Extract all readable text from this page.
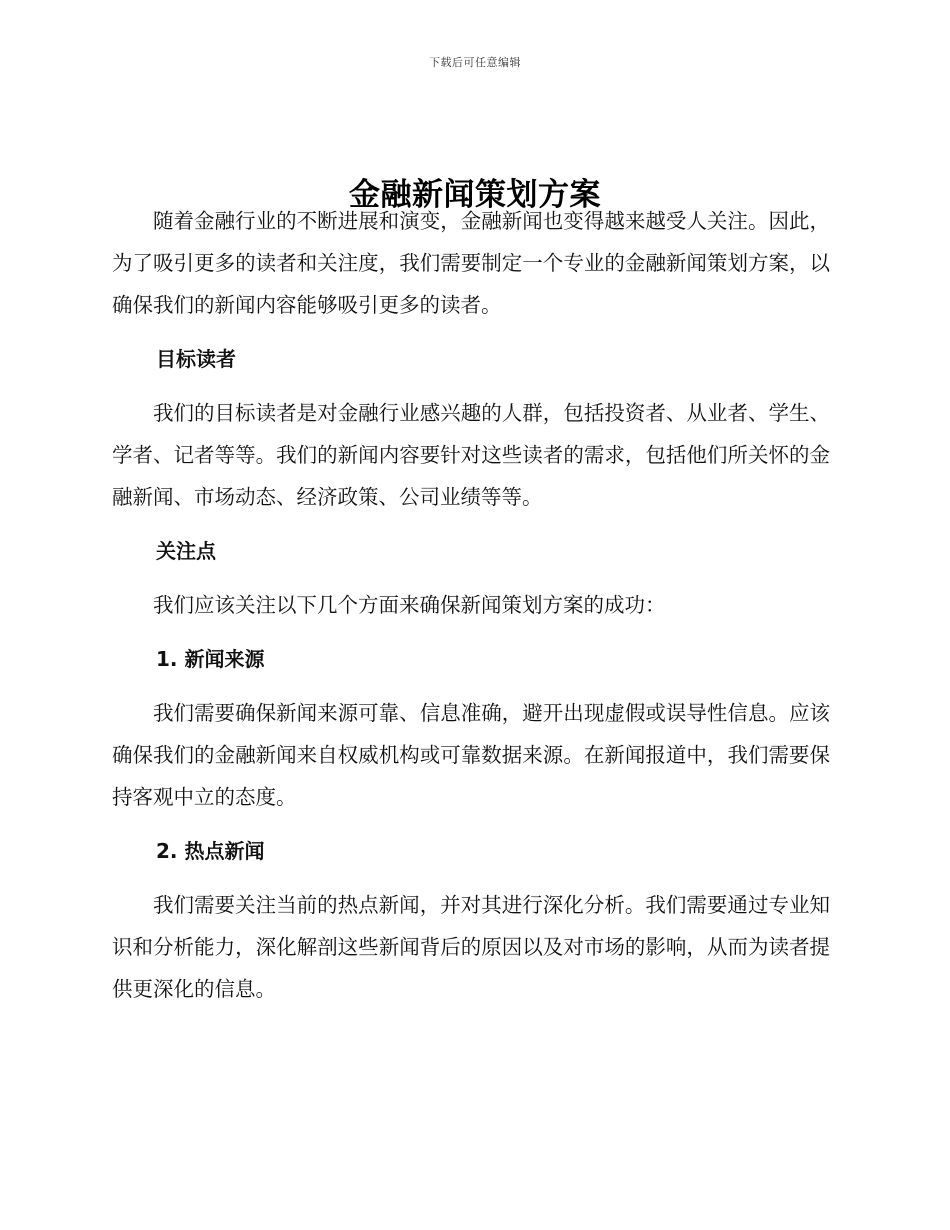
下载后可任意编辑
金融新闻策划方案

随着金融行业的不断进展和演变，金融新闻也变得越来越受人关注。因此，为了吸引更多的读者和关注度，我们需要制定一个专业的金融新闻策划方案，以确保我们的新闻内容能够吸引更多的读者。

目标读者

我们的目标读者是对金融行业感兴趣的人群，包括投资者、从业者、学生、学者、记者等等。我们的新闻内容要针对这些读者的需求，包括他们所关怀的金融新闻、市场动态、经济政策、公司业绩等等。

关注点

我们应该关注以下几个方面来确保新闻策划方案的成功：

1. 新闻来源

我们需要确保新闻来源可靠、信息准确，避开出现虚假或误导性信息。应该确保我们的金融新闻来自权威机构或可靠数据来源。在新闻报道中，我们需要保持客观中立的态度。

2. 热点新闻

我们需要关注当前的热点新闻，并对其进行深化分析。我们需要通过专业知识和分析能力，深化解剖这些新闻背后的原因以及对市场的影响，从而为读者提供更深化的信息。
